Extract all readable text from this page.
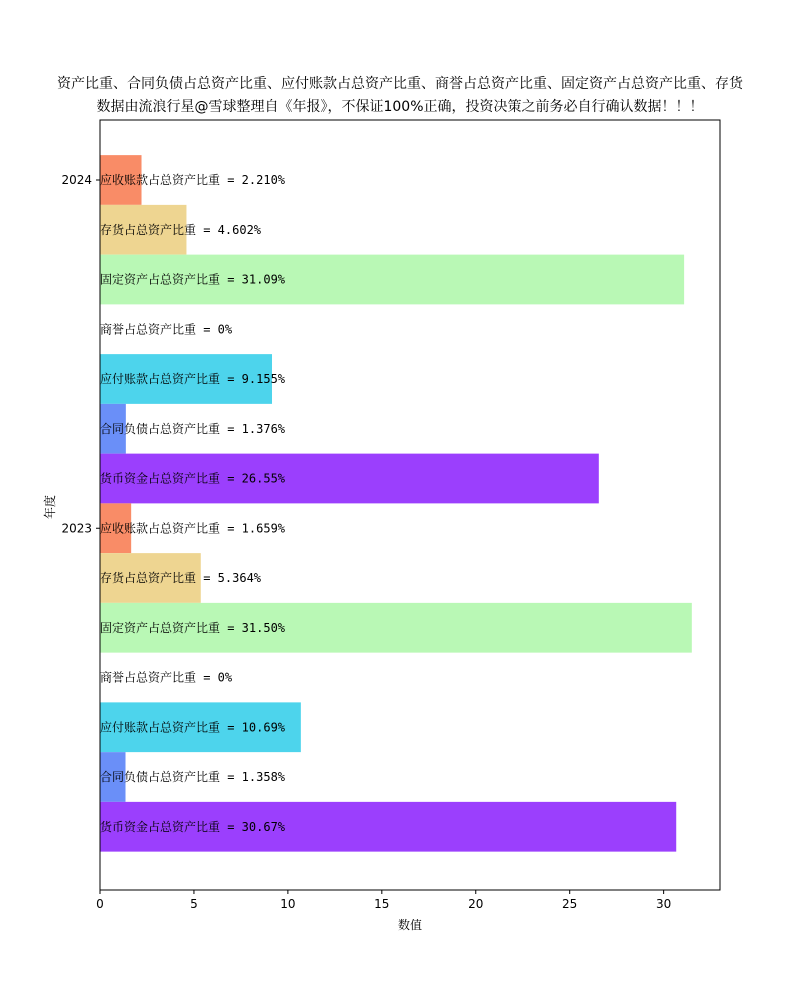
资产比重、合同负债占总资产比重、应付账款占总资产比重、商誉占总资产比重、固定资产占总资产比重、存货
数据由流浪行星@雪球整理自《年报》，不保证100%正确，投资决策之前务必自行确认数据！！！
应收账款占总资产比重 = 2.210%
存货占总资产比重 = 4.602%
固定资产占总资产比重 = 31.09%
商誉占总资产比重 = 0%
应付账款占总资产比重 = 9.155%
合同负债占总资产比重 = 1.376%
货币资金占总资产比重 = 26.55%
应收账款占总资产比重 = 1.659%
存货占总资产比重 = 5.364%
固定资产占总资产比重 = 31.50%
商誉占总资产比重 = 0%
应付账款占总资产比重 = 10.69%
合同负债占总资产比重 = 1.358%
货币资金占总资产比重 = 30.67%
0	5	10	15	20	25	30
2024
2023
数值
年度
